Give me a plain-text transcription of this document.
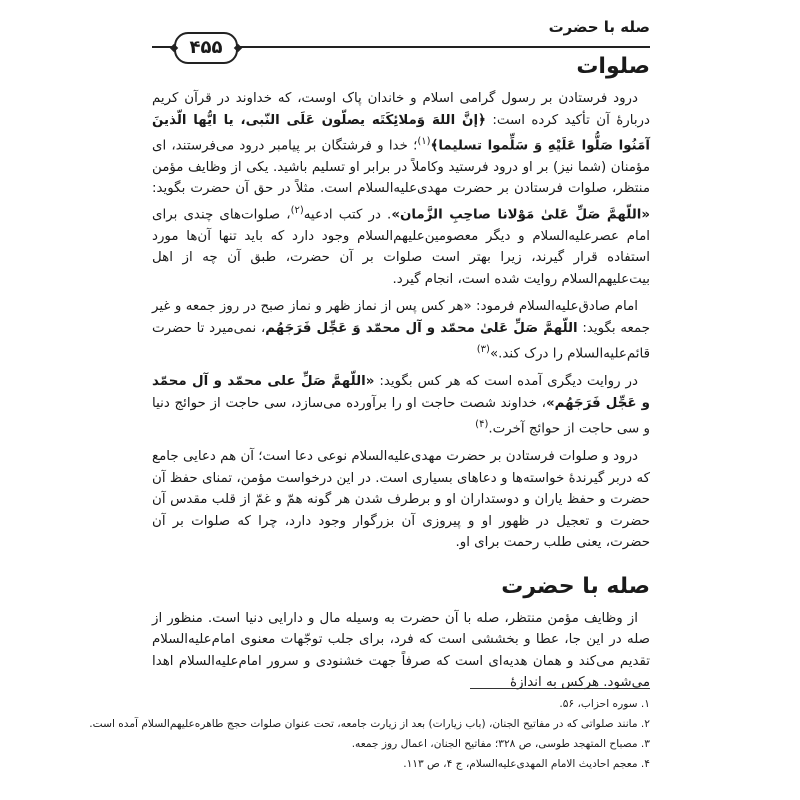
صله با حضرت
۴۵۵
صلوات

درود فرستادن بر رسول گرامی اسلام و خاندان پاک اوست، که خداوند در قرآن کریم دربارهٔ آن تأکید کرده است: ﴿إنَّ اللهَ وَملائِكَتَه يصلّون عَلَى النّبى، يا ايُّها الّذينَ آمَنُوا صَلُّوا عَلَيْهِ وَ سَلِّموا تسليما﴾$^{(۱)}$؛ خدا و فرشتگان بر پیامبر درود می‌فرستند، ای مؤمنان (شما نیز) بر او درود فرستید وکاملاً در برابر او تسلیم باشید. یکی از وظایف مؤمن منتظر، صلوات فرستادن بر حضرت مهدی‌علیه‌السلام است. مثلاً در حق آن حضرت بگوید: «اللّهمَّ صَلِّ عَلىٰ مَوْلانا صاحِبِ الزَّمان». در کتب ادعیه$^{(۲)}$، صلوات‌های چندی برای امام عصرعلیه‌السلام و دیگر معصومین‌علیهم‌السلام وجود دارد که باید تنها آن‌ها مورد استفاده قرار گیرند، زیرا بهتر است صلوات بر آن حضرت، طبق آن چه از اهل بیت‌علیهم‌السلام روایت شده است، انجام گیرد.

امام صادق‌علیه‌السلام فرمود: «هر کس پس از نماز ظهر و نماز صبح در روز جمعه و غیر جمعه بگوید: اللّهمَّ صَلِّ عَلىٰ محمّد و آل محمّد وَ عَجِّل فَرَجَهُم، نمی‌میرد تا حضرت قائم‌علیه‌السلام را درک کند.»$^{(۳)}$

در روایت دیگری آمده است که هر کس بگوید: «اللّهمَّ صَلِّ على محمّد و آل محمّد و عَجِّل فَرَجَهُم»، خداوند شصت حاجت او را برآورده می‌سازد، سی حاجت از حوائج دنیا و سی حاجت از حوائج آخرت.$^{(۴)}$

درود و صلوات فرستادن بر حضرت مهدی‌علیه‌السلام نوعی دعا است؛ آن هم دعایی جامع که دربر گیرندهٔ خواسته‌ها و دعاهای بسیاری است. در این درخواست مؤمن، تمنای حفظ آن حضرت و حفظ یاران و دوستداران او و برطرف شدن هر گونه همّ و غمّ از قلب مقدس آن حضرت و تعجیل در ظهور او و پیروزی آن بزرگوار وجود دارد، چرا که صلوات بر آن حضرت، یعنی طلب رحمت برای او.

صله با حضرت

از وظایف مؤمن منتظر، صله با آن حضرت به وسیله مال و دارایی دنیا است. منظور از صله در این جا، عطا و بخششی است که فرد، برای جلب توجّهات معنوی امام‌علیه‌السلام تقدیم می‌کند و همان هدیه‌ای است که صرفاً جهت خشنودی و سرور امام‌علیه‌السلام اهدا می‌شود. هرکس به اندازهٔ

۱. سوره احزاب، ۵۶.
۲. مانند صلواتی که در مفاتیح الجنان، (باب زیارات) بعد از زیارت جامعه، تحت عنوان صلوات حجج طاهره‌علیهم‌السلام آمده است.
۳. مصباح المتهجد طوسی، ص ۳۲۸؛ مفاتیح الجنان، اعمال روز جمعه.
۴. معجم احادیث الامام المهدی‌علیه‌السلام، ج ۴، ص ۱۱۳.
